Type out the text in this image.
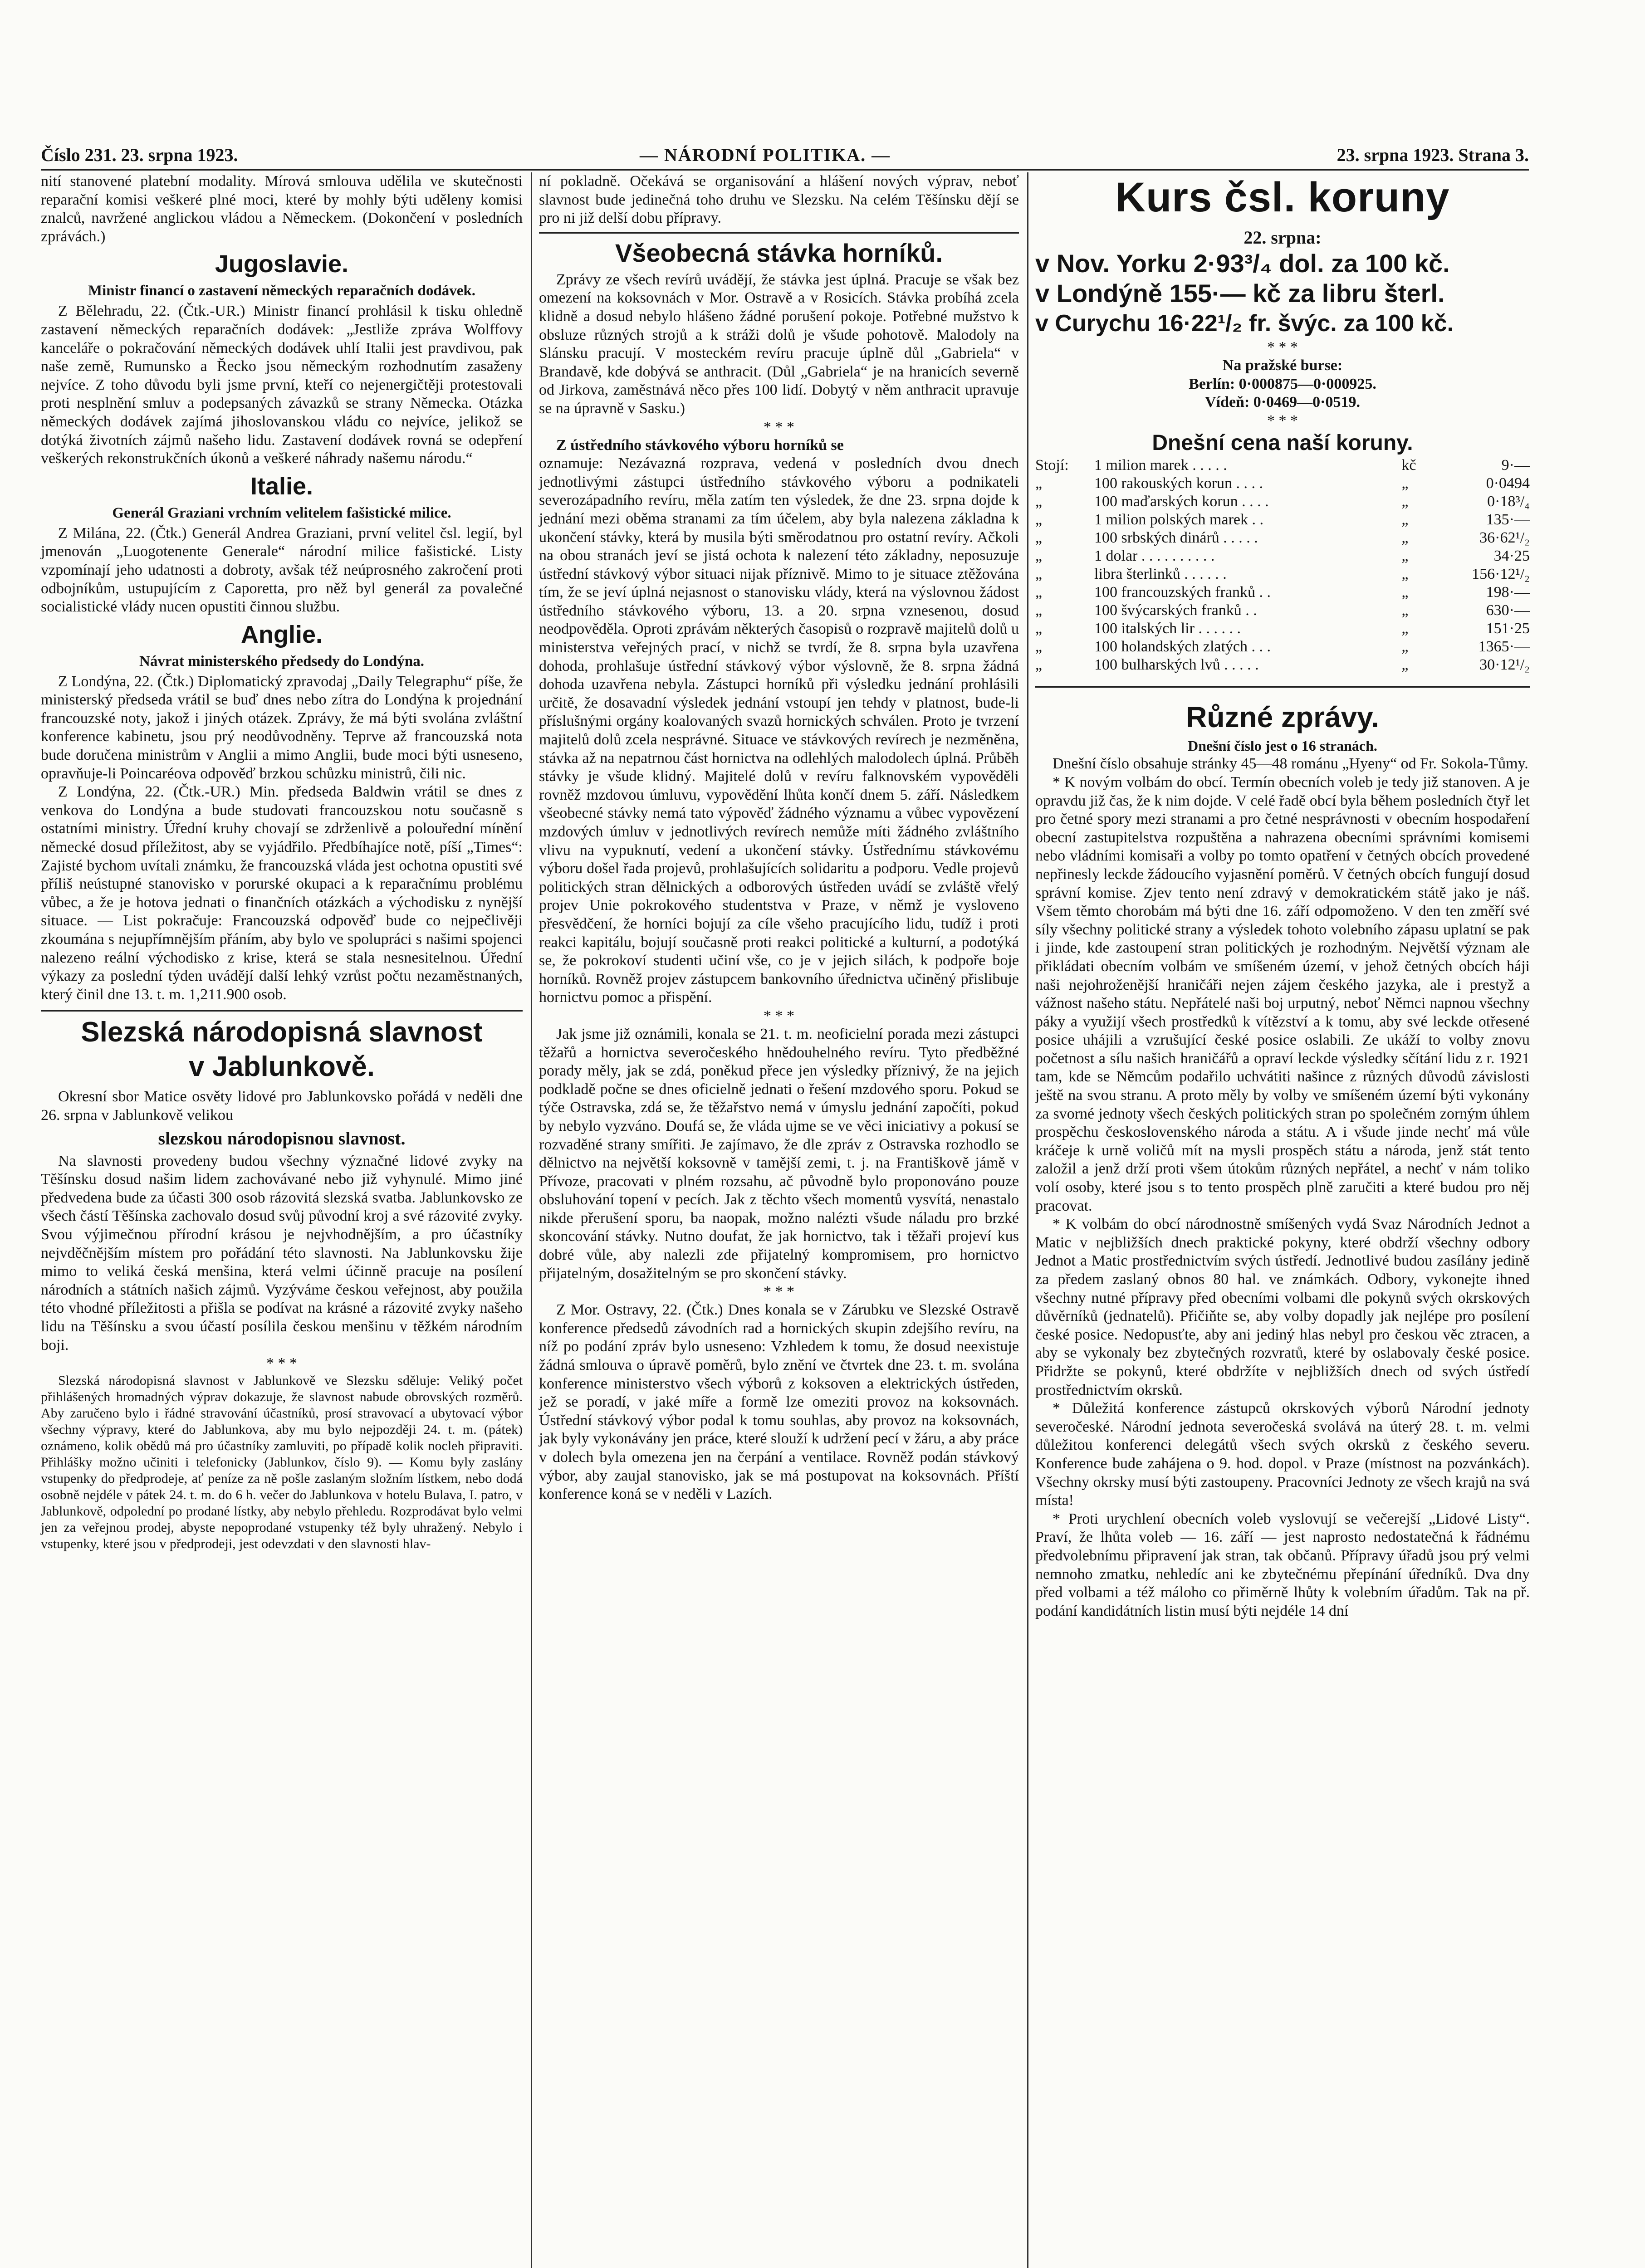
Číslo 231. 23. srpna 1923.	— NÁRODNÍ POLITIKA. —	23. srpna 1923. Strana 3.

nití stanovené platební modality. Mírová smlouva udělila ve skutečnosti reparační komisi veškeré plné moci, které by mohly býti uděleny komisi znalců, navržené anglickou vládou a Německem. (Dokončení v posledních zprávách.)

Jugoslavie.
Ministr financí o zastavení německých reparačních dodávek.

Z Bělehradu, 22. (Čtk.-UR.) Ministr financí prohlásil k tisku ohledně zastavení německých reparačních dodávek: „Jestliže zpráva Wolffovy kanceláře o pokračování německých dodávek uhlí Italii jest pravdivou, pak naše země, Rumunsko a Řecko jsou německým rozhodnutím zasaženy nejvíce. Z toho důvodu byli jsme první, kteří co nejenergičtěji protestovali proti nesplnění smluv a podepsaných závazků se strany Německa. Otázka německých dodávek zajímá jihoslovanskou vládu co nejvíce, jelikož se dotýká životních zájmů našeho lidu. Zastavení dodávek rovná se odepření veškerých rekonstrukčních úkonů a veškeré náhrady našemu národu.“

Italie.
Generál Graziani vrchním velitelem fašistické milice.

Z Milána, 22. (Čtk.) Generál Andrea Graziani, první velitel čsl. legií, byl jmenován „Luogotenente Generale“ národní milice fašistické. Listy vzpomínají jeho udatnosti a dobroty, avšak též neúprosného zakročení proti odbojníkům, ustupujícím z Caporetta, pro něž byl generál za povalečné socialistické vlády nucen opustiti činnou službu.

Anglie.
Návrat ministerského předsedy do Londýna.

Z Londýna, 22. (Čtk.) Diplomatický zpravodaj „Daily Telegraphu“ píše, že ministerský předseda vrátil se buď dnes nebo zítra do Londýna k projednání francouzské noty, jakož i jiných otázek. Zprávy, že má býti svolána zvláštní konference kabinetu, jsou prý neodůvodněny. Teprve až francouzská nota bude doručena ministrům v Anglii a mimo Anglii, bude moci býti usneseno, opravňuje-li Poincaréova odpověď brzkou schůzku ministrů, čili nic.

Z Londýna, 22. (Čtk.-UR.) Min. předseda Baldwin vrátil se dnes z venkova do Londýna a bude studovati francouzskou notu současně s ostatními ministry. Úřední kruhy chovají se zdrženlivě a polouřední mínění německé dosud příležitost, aby se vyjádřilo. Předbíhajíce notě, píší „Times“: Zajisté bychom uvítali známku, že francouzská vláda jest ochotna opustiti své příliš neústupné stanovisko v porurské okupaci a k reparačnímu problému vůbec, a že je hotova jednati o finančních otázkách a východisku z nynější situace. — List pokračuje: Francouzská odpověď bude co nejpečlivěji zkoumána s nejupřímnějším přáním, aby bylo ve spolupráci s našimi spojenci nalezeno reální východisko z krise, která se stala nesnesitelnou. Úřední výkazy za poslední týden uvádějí další lehký vzrůst počtu nezaměstnaných, který činil dne 13. t. m. 1,211.900 osob.

Slezská národopisná slavnost
v Jablunkově.

Okresní sbor Matice osvěty lidové pro Jablunkovsko pořádá v neděli dne 26. srpna v Jablunkově velikou

slezskou národopisnou slavnost.

Na slavnosti provedeny budou všechny význačné lidové zvyky na Těšínsku dosud našim lidem zachovávané nebo již vyhynulé. Mimo jiné předvedena bude za účasti 300 osob rázovitá slezská svatba. Jablunkovsko ze všech částí Těšínska zachovalo dosud svůj původní kroj a své rázovité zvyky. Svou výjimečnou přírodní krásou je nejvhodnějším, a pro účastníky nejvděčnějším místem pro pořádání této slavnosti. Na Jablunkovsku žije mimo to veliká česká menšina, která velmi účinně pracuje na posílení národních a státních našich zájmů. Vyzýváme českou veřejnost, aby použila této vhodné příležitosti a přišla se podívat na krásné a rázovité zvyky našeho lidu na Těšínsku a svou účastí posílila českou menšinu v těžkém národním boji.

* * *

Slezská národopisná slavnost v Jablunkově ve Slezsku sděluje: Veliký počet přihlášených hromadných výprav dokazuje, že slavnost nabude obrovských rozměrů. Aby zaručeno bylo i řádné stravování účastníků, prosí stravovací a ubytovací výbor všechny výpravy, které do Jablunkova, aby mu bylo nejpozději 24. t. m. (pátek) oznámeno, kolik obědů má pro účastníky zamluviti, po případě kolik nocleh připraviti. Přihlášky možno učiniti i telefonicky (Jablunkov, číslo 9). — Komu byly zaslány vstupenky do předprodeje, ať peníze za ně pošle zaslaným složním lístkem, nebo dodá osobně nejdéle v pátek 24. t. m. do 6 h. večer do Jablunkova v hotelu Bulava, I. patro, v Jablunkově, odpolední po prodané lístky, aby nebylo přehledu. Rozprodávat bylo velmi jen za veřejnou prodej, abyste nepoprodané vstupenky též byly uhražený. Nebylo i vstupenky, které jsou v předprodeji, jest odevzdati v den slavnosti hlav-

ní pokladně. Očekává se organisování a hlášení nových výprav, neboť slavnost bude jedinečná toho druhu ve Slezsku. Na celém Těšínsku dějí se pro ni již delší dobu přípravy.

Všeobecná stávka horníků.

Zprávy ze všech revírů uvádějí, že stávka jest úplná. Pracuje se však bez omezení na koksovnách v Mor. Ostravě a v Rosicích. Stávka probíhá zcela klidně a dosud nebylo hlášeno žádné porušení pokoje. Potřebné mužstvo k obsluze různých strojů a k stráži dolů je všude pohotově. Malodoly na Slánsku pracují. V mosteckém revíru pracuje úplně důl „Gabriela“ v Brandavě, kde dobývá se anthracit. (Důl „Gabriela“ je na hranicích severně od Jirkova, zaměstnává něco přes 100 lidí. Dobytý v něm anthracit upravuje se na úpravně v Sasku.)

* * *

Z ústředního stávkového výboru horníků se

oznamuje: Nezávazná rozprava, vedená v posledních dvou dnech jednotlivými zástupci ústředního stávkového výboru a podnikateli severozápadního revíru, měla zatím ten výsledek, že dne 23. srpna dojde k jednání mezi oběma stranami za tím účelem, aby byla nalezena základna k ukončení stávky, která by musila býti směrodatnou pro ostatní revíry. Ačkoli na obou stranách jeví se jistá ochota k nalezení této základny, neposuzuje ústřední stávkový výbor situaci nijak příznivě. Mimo to je situace ztěžována tím, že se jeví úplná nejasnost o stanovisku vlády, která na výslovnou žádost ústředního stávkového výboru, 13. a 20. srpna vznesenou, dosud neodpověděla. Oproti zprávám některých časopisů o rozpravě majitelů dolů u ministerstva veřejných prací, v nichž se tvrdí, že 8. srpna byla uzavřena dohoda, prohlašuje ústřední stávkový výbor výslovně, že 8. srpna žádná dohoda uzavřena nebyla. Zástupci horníků při výsledku jednání prohlásili určitě, že dosavadní výsledek jednání vstoupí jen tehdy v platnost, bude-li příslušnými orgány koalovaných svazů hornických schválen. Proto je tvrzení majitelů dolů zcela nesprávné. Situace ve stávkových revírech je nezměněna, stávka až na nepatrnou část hornictva na odlehlých malodolech úplná. Průběh stávky je všude klidný. Majitelé dolů v revíru falknovském vypověděli rovněž mzdovou úmluvu, vypovědění lhůta končí dnem 5. září. Následkem všeobecné stávky nemá tato výpověď žádného významu a vůbec vypovězení mzdových úmluv v jednotlivých revírech nemůže míti žádného zvláštního vlivu na vypuknutí, vedení a ukončení stávky. Ústřednímu stávkovému výboru došel řada projevů, prohlašujících solidaritu a podporu. Vedle projevů politických stran dělnických a odborových ústředen uvádí se zvláště vřelý projev Unie pokrokového studentstva v Praze, v němž je vysloveno přesvědčení, že horníci bojují za cíle všeho pracujícího lidu, tudíž i proti reakci kapitálu, bojují současně proti reakci politické a kulturní, a podotýká se, že pokrokoví studenti učiní vše, co je v jejich silách, k podpoře boje horníků. Rovněž projev zástupcem bankovního úřednictva učiněný přislibuje hornictvu pomoc a přispění.

* * *

Jak jsme již oznámili, konala se 21. t. m. neoficielní porada mezi zástupci těžařů a hornictva severočeského hnědouhelného revíru. Tyto předběžné porady měly, jak se zdá, poněkud přece jen výsledky příznivý, že na jejich podkladě počne se dnes oficielně jednati o řešení mzdového sporu. Pokud se týče Ostravska, zdá se, že těžařstvo nemá v úmyslu jednání započíti, pokud by nebylo vyzváno. Doufá se, že vláda ujme se ve věci iniciativy a pokusí se rozvaděné strany smířiti. Je zajímavo, že dle zpráv z Ostravska rozhodlo se dělnictvo na největší koksovně v tamější zemi, t. j. na Františkově jámě v Přívoze, pracovati v plném rozsahu, ač původně bylo proponováno pouze obsluhování topení v pecích. Jak z těchto všech momentů vysvítá, nenastalo nikde přerušení sporu, ba naopak, možno nalézti všude náladu pro brzké skoncování stávky. Nutno doufat, že jak hornictvo, tak i těžaři projeví kus dobré vůle, aby nalezli zde přijatelný kompromisem, pro hornictvo přijatelným, dosažitelným se pro skončení stávky.

* * *

Z Mor. Ostravy, 22. (Čtk.) Dnes konala se v Zárubku ve Slezské Ostravě konference předsedů závodních rad a hornických skupin zdejšího revíru, na níž po podání zpráv bylo usneseno: Vzhledem k tomu, že dosud neexistuje žádná smlouva o úpravě poměrů, bylo znění ve čtvrtek dne 23. t. m. svolána konference ministerstvo všech výborů z koksoven a elektrických ústředen, jež se poradí, v jaké míře a formě lze omeziti provoz na koksovnách. Ústřední stávkový výbor podal k tomu souhlas, aby provoz na koksovnách, jak byly vykonávány jen práce, které slouží k udržení pecí v žáru, a aby práce v dolech byla omezena jen na čerpání a ventilace. Rovněž podán stávkový výbor, aby zaujal stanovisko, jak se má postupovat na koksovnách. Příští konference koná se v neděli v Lazích.

Kurs čsl. koruny
22. srpna:

v Nov. Yorku 2·93³/₄ dol. za 100 kč.

v Londýně 155·— kč za libru šterl.

v Curychu 16·22¹/₂ fr. švýc. za 100 kč.

* * *
Na pražské burse:
Berlín: 0·000875—0·000925.
Vídeň: 0·0469—0·0519.
* * *
Dnešní cena naší koruny.
Stojí:	1 milion marek . . . . .	kč	9·—
„	100 rakouských korun . . . .	„	0·0494
„	100 maďarských korun . . . .	„	0·18³/₄
„	1 milion polských marek . .	„	135·—
„	100 srbských dinárů . . . . .	„	36·62¹/₂
„	1 dolar . . . . . . . . . .	„	34·25
„	libra šterlinků . . . . . .	„	156·12¹/₂
„	100 francouzských franků . .	„	198·—
„	100 švýcarských franků . .	„	630·—
„	100 italských lir . . . . . .	„	151·25
„	100 holandských zlatých . . .	„	1365·—
„	100 bulharských lvů . . . . .	„	30·12¹/₂
Různé zprávy.
Dnešní číslo jest o 16 stranách.

Dnešní číslo obsahuje stránky 45—48 románu „Hyeny“ od Fr. Sokola-Tůmy.

* K novým volbám do obcí. Termín obecních voleb je tedy již stanoven. A je opravdu již čas, že k nim dojde. V celé řadě obcí byla během posledních čtyř let pro četné spory mezi stranami a pro četné nesprávnosti v obecním hospodaření obecní zastupitelstva rozpuštěna a nahrazena obecními správními komisemi nebo vládními komisaři a volby po tomto opatření v četných obcích provedené nepřinesly leckde žádoucího vyjasnění poměrů. V četných obcích fungují dosud správní komise. Zjev tento není zdravý v demokratickém státě jako je náš. Všem těmto chorobám má býti dne 16. září odpomoženo. V den ten změří své síly všechny politické strany a výsledek tohoto volebního zápasu uplatní se pak i jinde, kde zastoupení stran politických je rozhodným. Největší význam ale přikládati obecním volbám ve smíšeném území, v jehož četných obcích háji naši nejohroženější hraničáři nejen zájem českého jazyka, ale i prestyž a vážnost našeho státu. Nepřátelé naši boj urputný, neboť Němci napnou všechny páky a využijí všech prostředků k vítězství a k tomu, aby své leckde otřesené posice uhájili a vzrušující české posice oslabili. Ze ukáží to volby znovu početnost a sílu našich hraničářů a opraví leckde výsledky sčítání lidu z r. 1921 tam, kde se Němcům podařilo uchvátiti našince z různých důvodů závislosti ještě na svou stranu. A proto měly by volby ve smíšeném území býti vykonány za svorné jednoty všech českých politických stran po společném zorným úhlem prospěchu československého národa a státu. A i všude jinde nechť má vůle kráčeje k urně voličů mít na mysli prospěch státu a národa, jenž stát tento založil a jenž drží proti všem útokům různých nepřátel, a nechť v nám toliko volí osoby, které jsou s to tento prospěch plně zaručiti a které budou pro něj pracovat.

* K volbám do obcí národnostně smíšených vydá Svaz Národních Jednot a Matic v nejbližších dnech praktické pokyny, které obdrží všechny odbory Jednot a Matic prostřednictvím svých ústředí. Jednotlivé budou zasílány jedině za předem zaslaný obnos 80 hal. ve známkách. Odbory, vykonejte ihned všechny nutné přípravy před obecními volbami dle pokynů svých okrskových důvěrníků (jednatelů). Přičiňte se, aby volby dopadly jak nejlépe pro posílení české posice. Nedopusťte, aby ani jediný hlas nebyl pro českou věc ztracen, a aby se vykonaly bez zbytečných rozvratů, které by oslabovaly české posice. Přidržte se pokynů, které obdržíte v nejbližších dnech od svých ústředí prostřednictvím okrsků.

* Důležitá konference zástupců okrskových výborů Národní jednoty severočeské. Národní jednota severočeská svolává na úterý 28. t. m. velmi důležitou konferenci delegátů všech svých okrsků z českého severu. Konference bude zahájena o 9. hod. dopol. v Praze (místnost na pozvánkách). Všechny okrsky musí býti zastoupeny. Pracovníci Jednoty ze všech krajů na svá místa!

* Proti urychlení obecních voleb vyslovují se večerejší „Lidové Listy“. Praví, že lhůta voleb — 16. září — jest naprosto nedostatečná k řádnému předvolebnímu připravení jak stran, tak občanů. Přípravy úřadů jsou prý velmi nemnoho zmatku, nehledíc ani ke zbytečnému přepínání úředníků. Dva dny před volbami a též máloho co přiměrně lhůty k volebním úřadům. Tak na př. podání kandidátních listin musí býti nejdéle 14 dní
